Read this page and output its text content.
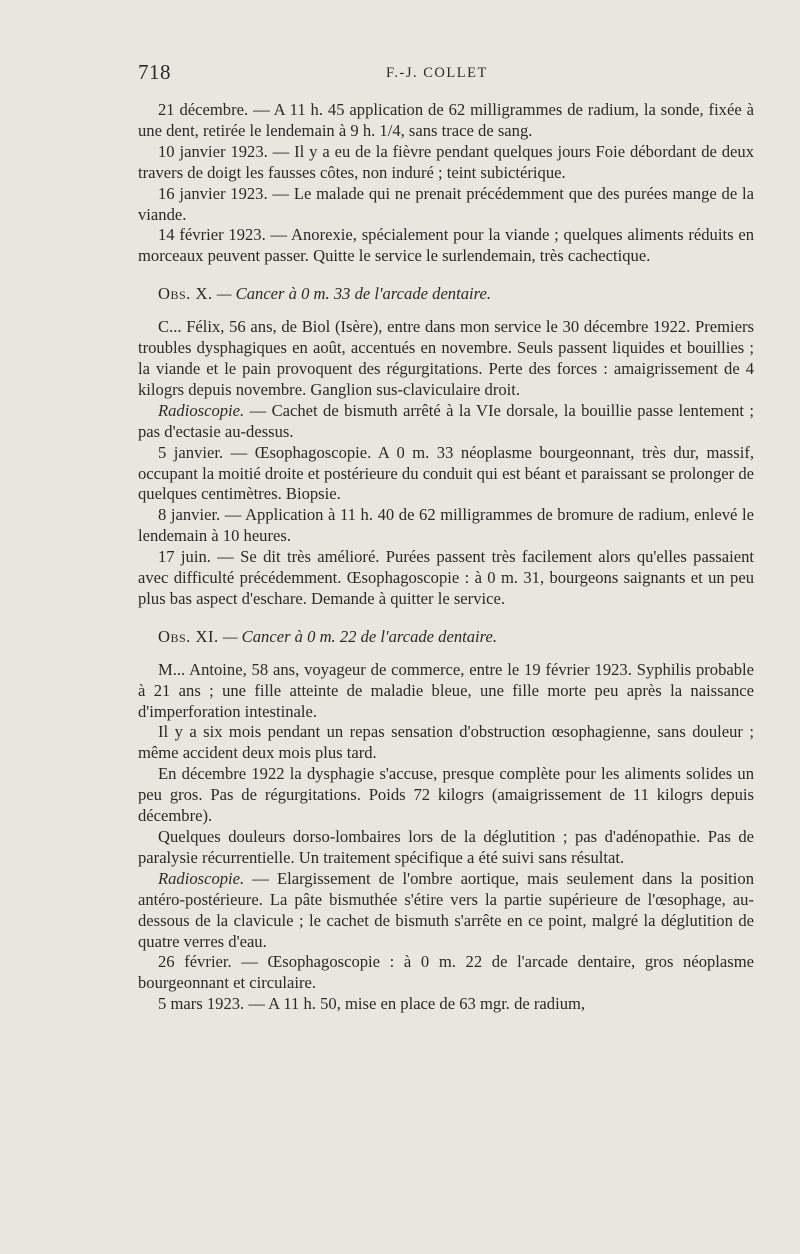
718	F.-J. COLLET

21 décembre. — A 11 h. 45 application de 62 milligrammes de radium, la sonde, fixée à une dent, retirée le lendemain à 9 h. 1/4, sans trace de sang.

10 janvier 1923. — Il y a eu de la fièvre pendant quelques jours Foie débordant de deux travers de doigt les fausses côtes, non induré ; teint subictérique.

16 janvier 1923. — Le malade qui ne prenait précédemment que des purées mange de la viande.

14 février 1923. — Anorexie, spécialement pour la viande ; quelques aliments réduits en morceaux peuvent passer. Quitte le service le surlendemain, très cachectique.

Obs. X. — Cancer à 0 m. 33 de l'arcade dentaire.

C... Félix, 56 ans, de Biol (Isère), entre dans mon service le 30 décembre 1922. Premiers troubles dysphagiques en août, accentués en novembre. Seuls passent liquides et bouillies ; la viande et le pain provoquent des régurgitations. Perte des forces : amaigrissement de 4 kilogrs depuis novembre. Ganglion sus-claviculaire droit.

Radioscopie. — Cachet de bismuth arrêté à la VIe dorsale, la bouillie passe lentement ; pas d'ectasie au-dessus.

5 janvier. — Œsophagoscopie. A 0 m. 33 néoplasme bourgeonnant, très dur, massif, occupant la moitié droite et postérieure du conduit qui est béant et paraissant se prolonger de quelques centimètres. Biopsie.

8 janvier. — Application à 11 h. 40 de 62 milligrammes de bromure de radium, enlevé le lendemain à 10 heures.

17 juin. — Se dit très amélioré. Purées passent très facilement alors qu'elles passaient avec difficulté précédemment. Œsophagoscopie : à 0 m. 31, bourgeons saignants et un peu plus bas aspect d'eschare. Demande à quitter le service.

Obs. XI. — Cancer à 0 m. 22 de l'arcade dentaire.

M... Antoine, 58 ans, voyageur de commerce, entre le 19 février 1923. Syphilis probable à 21 ans ; une fille atteinte de maladie bleue, une fille morte peu après la naissance d'imperforation intestinale.

Il y a six mois pendant un repas sensation d'obstruction œsophagienne, sans douleur ; même accident deux mois plus tard.

En décembre 1922 la dysphagie s'accuse, presque complète pour les aliments solides un peu gros. Pas de régurgitations. Poids 72 kilogrs (amaigrissement de 11 kilogrs depuis décembre).

Quelques douleurs dorso-lombaires lors de la déglutition ; pas d'adénopathie. Pas de paralysie récurrentielle. Un traitement spécifique a été suivi sans résultat.

Radioscopie. — Elargissement de l'ombre aortique, mais seulement dans la position antéro-postérieure. La pâte bismuthée s'étire vers la partie supérieure de l'œsophage, au-dessous de la clavicule ; le cachet de bismuth s'arrête en ce point, malgré la déglutition de quatre verres d'eau.

26 février. — Œsophagoscopie : à 0 m. 22 de l'arcade dentaire, gros néoplasme bourgeonnant et circulaire.

5 mars 1923. — A 11 h. 50, mise en place de 63 mgr. de radium,
